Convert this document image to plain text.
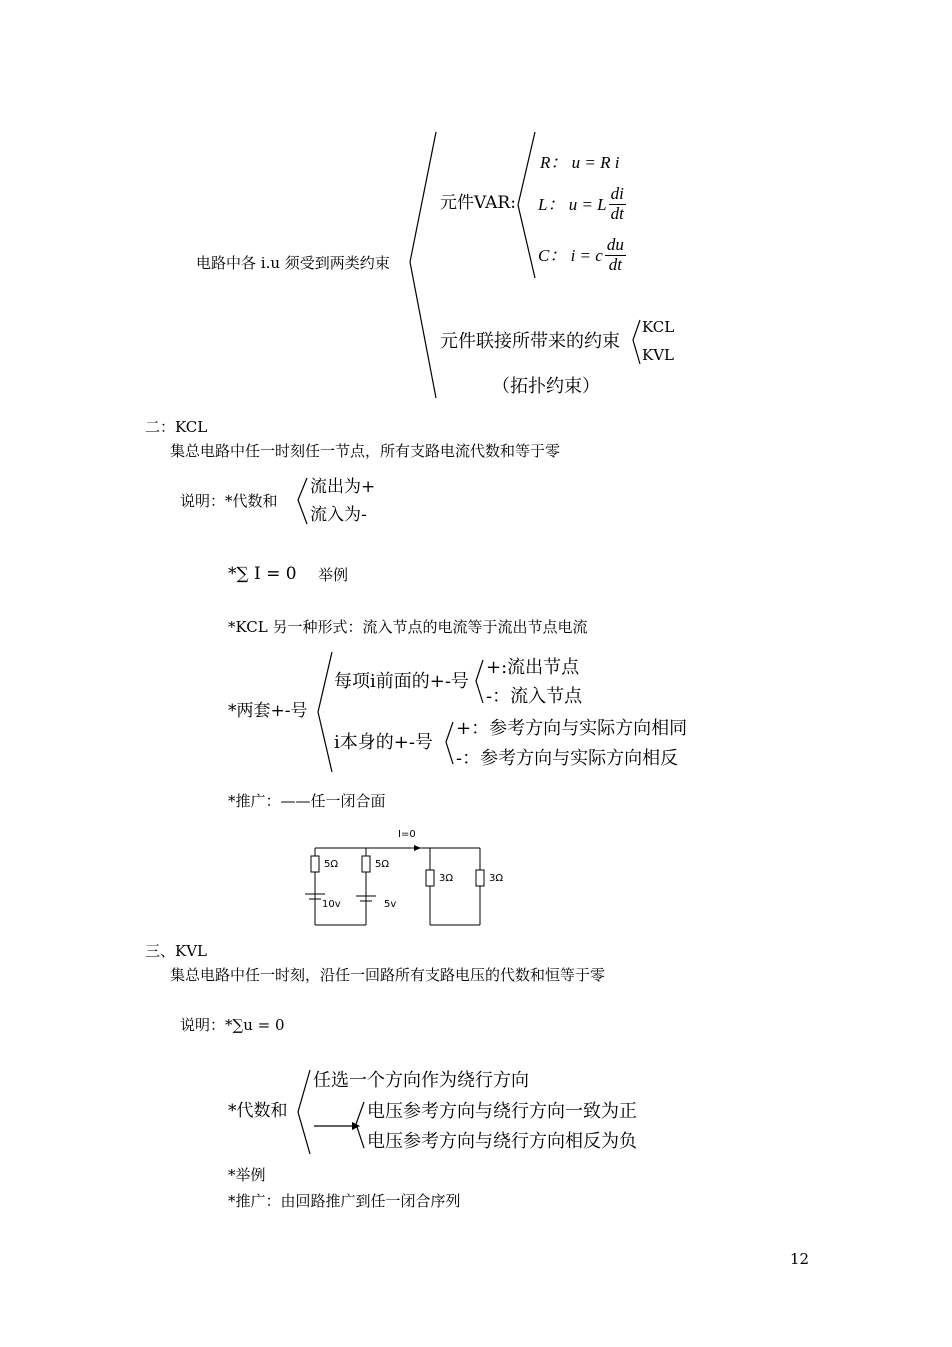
电路中各 i.u 须受到两类约束
元件VAR:
R： u = R i
L： u = L $\frac{di}{dt}$
C： i = c $\frac{du}{dt}$
元件联接所带来的约束
KCL
KVL
（拓扑约束）
二：KCL
集总电路中任一时刻任一节点，所有支路电流代数和等于零
说明：*代数和
流出为+
流入为-
*∑ I = 0 举例
*KCL 另一种形式：流入节点的电流等于流出节点电流
*两套+-号
每项i前面的+-号
+:流出节点
-：流入节点
i本身的+-号
+：参考方向与实际方向相同
-：参考方向与实际方向相反
*推广：——任一闭合面
I=0
5Ω	5Ω
3Ω	3Ω
10v	5v
三、KVL
集总电路中任一时刻，沿任一回路所有支路电压的代数和恒等于零
说明：*∑u = 0
*代数和
任选一个方向作为绕行方向
电压参考方向与绕行方向一致为正
电压参考方向与绕行方向相反为负
*举例
*推广：由回路推广到任一闭合序列
12
